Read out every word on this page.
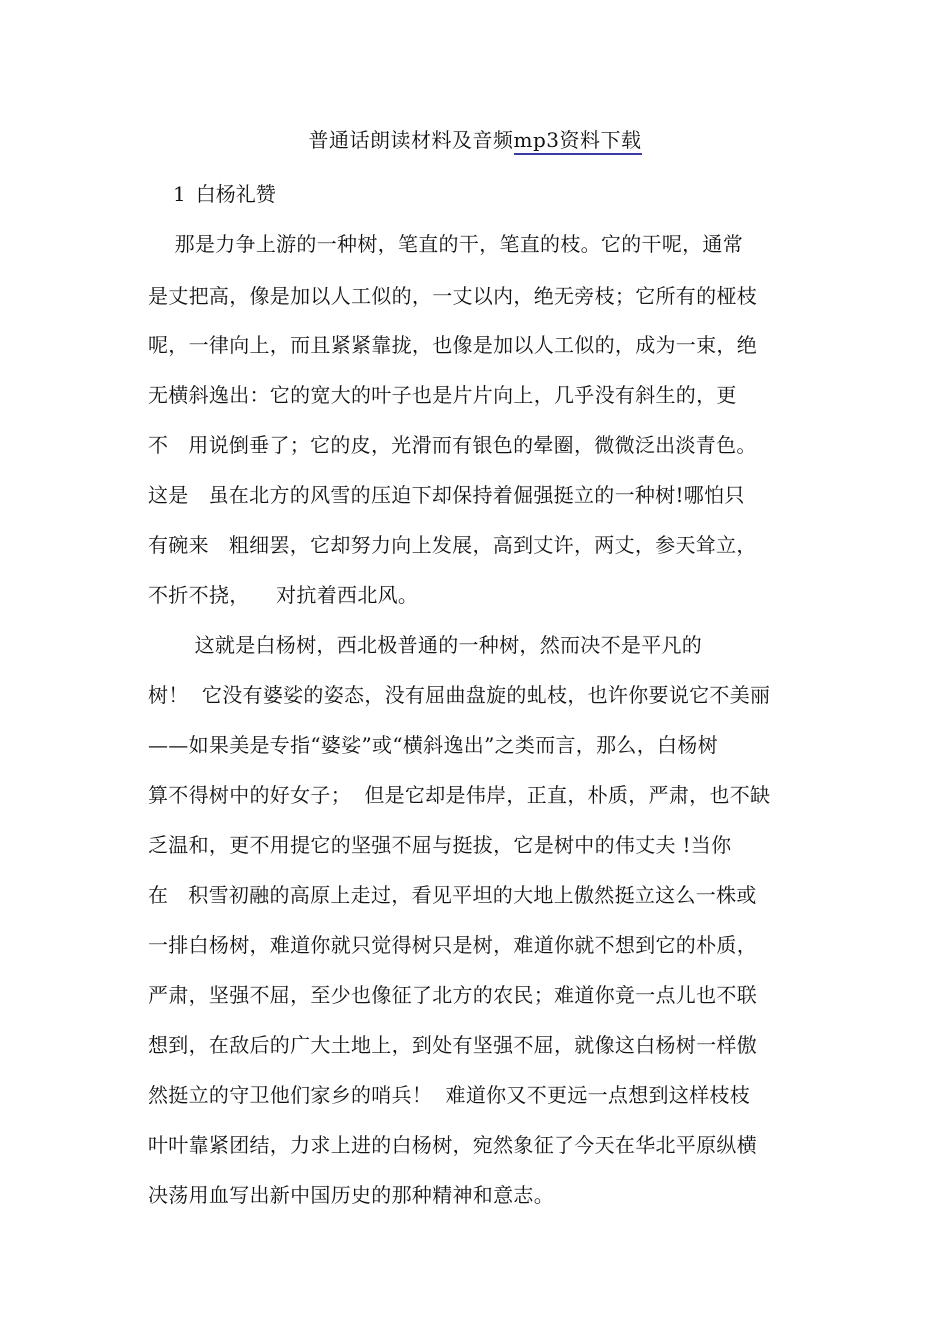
普通话朗读材料及音频mp3资料下载
1 白杨礼赞
那是力争上游的一种树，笔直的干，笔直的枝。它的干呢，通常
是丈把高，像是加以人工似的，一丈以内，绝无旁枝；它所有的桠枝
呢，一律向上，而且紧紧靠拢，也像是加以人工似的，成为一束，绝
无横斜逸出：它的宽大的叶子也是片片向上，几乎没有斜生的，更
不   用说倒垂了；它的皮，光滑而有银色的晕圈，微微泛出淡青色。
这是   虽在北方的风雪的压迫下却保持着倔强挺立的一种树!哪怕只
有碗来   粗细罢，它却努力向上发展，高到丈许，两丈，参天耸立，
不折不挠，    对抗着西北风。
这就是白杨树，西北极普通的一种树，然而决不是平凡的
树！  它没有婆娑的姿态，没有屈曲盘旋的虬枝，也许你要说它不美丽
——如果美是专指“婆娑”或“横斜逸出”之类而言，那么，白杨树
算不得树中的好女子；  但是它却是伟岸，正直，朴质，严肃，也不缺
乏温和，更不用提它的坚强不屈与挺拔，它是树中的伟丈夫 !当你
在   积雪初融的高原上走过，看见平坦的大地上傲然挺立这么一株或
一排白杨树，难道你就只觉得树只是树，难道你就不想到它的朴质，
严肃，坚强不屈，至少也像征了北方的农民；难道你竟一点儿也不联
想到，在敌后的广大土地上，到处有坚强不屈，就像这白杨树一样傲
然挺立的守卫他们家乡的哨兵！  难道你又不更远一点想到这样枝枝
叶叶靠紧团结，力求上进的白杨树，宛然象征了今天在华北平原纵横
决荡用血写出新中国历史的那种精神和意志。
